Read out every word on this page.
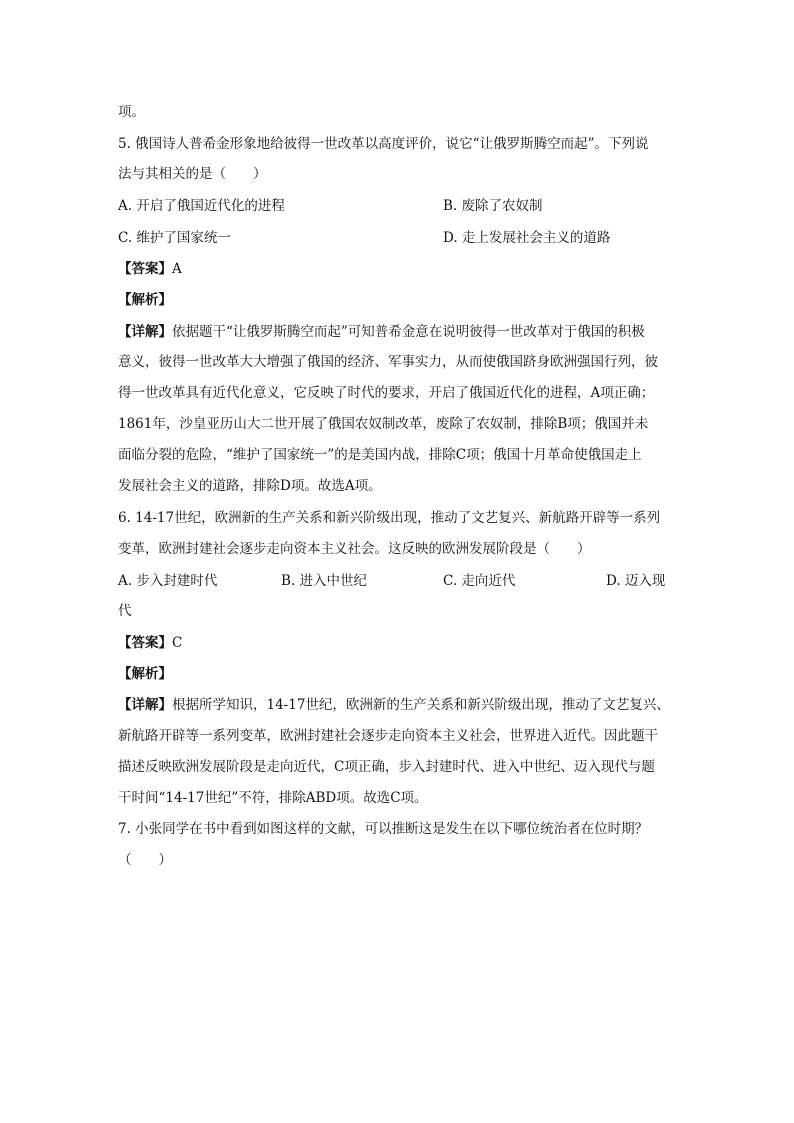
项。
5. 俄国诗人普希金形象地给彼得一世改革以高度评价，说它“让俄罗斯腾空而起”。下列说
法与其相关的是（　　）
A. 开启了俄国近代化的进程	B. 废除了农奴制
C. 维护了国家统一	D. 走上发展社会主义的道路
【答案】A
【解析】
【详解】依据题干“让俄罗斯腾空而起”可知普希金意在说明彼得一世改革对于俄国的积极
意义，彼得一世改革大大增强了俄国的经济、军事实力，从而使俄国跻身欧洲强国行列，彼
得一世改革具有近代化意义，它反映了时代的要求，开启了俄国近代化的进程，A项正确；
1861年，沙皇亚历山大二世开展了俄国农奴制改革，废除了农奴制，排除B项；俄国并未
面临分裂的危险，“维护了国家统一”的是美国内战，排除C项；俄国十月革命使俄国走上
发展社会主义的道路，排除D项。故选A项。
6. 14-17世纪，欧洲新的生产关系和新兴阶级出现，推动了文艺复兴、新航路开辟等一系列
变革，欧洲封建社会逐步走向资本主义社会。这反映的欧洲发展阶段是（　　）
A. 步入封建时代	B. 进入中世纪	C. 走向近代	D. 迈入现
代
【答案】C
【解析】
【详解】根据所学知识，14-17世纪，欧洲新的生产关系和新兴阶级出现，推动了文艺复兴、
新航路开辟等一系列变革，欧洲封建社会逐步走向资本主义社会，世界进入近代。因此题干
描述反映欧洲发展阶段是走向近代，C项正确，步入封建时代、进入中世纪、迈入现代与题
干时间“14-17世纪”不符，排除ABD项。故选C项。
7. 小张同学在书中看到如图这样的文献，可以推断这是发生在以下哪位统治者在位时期？
（　　）
